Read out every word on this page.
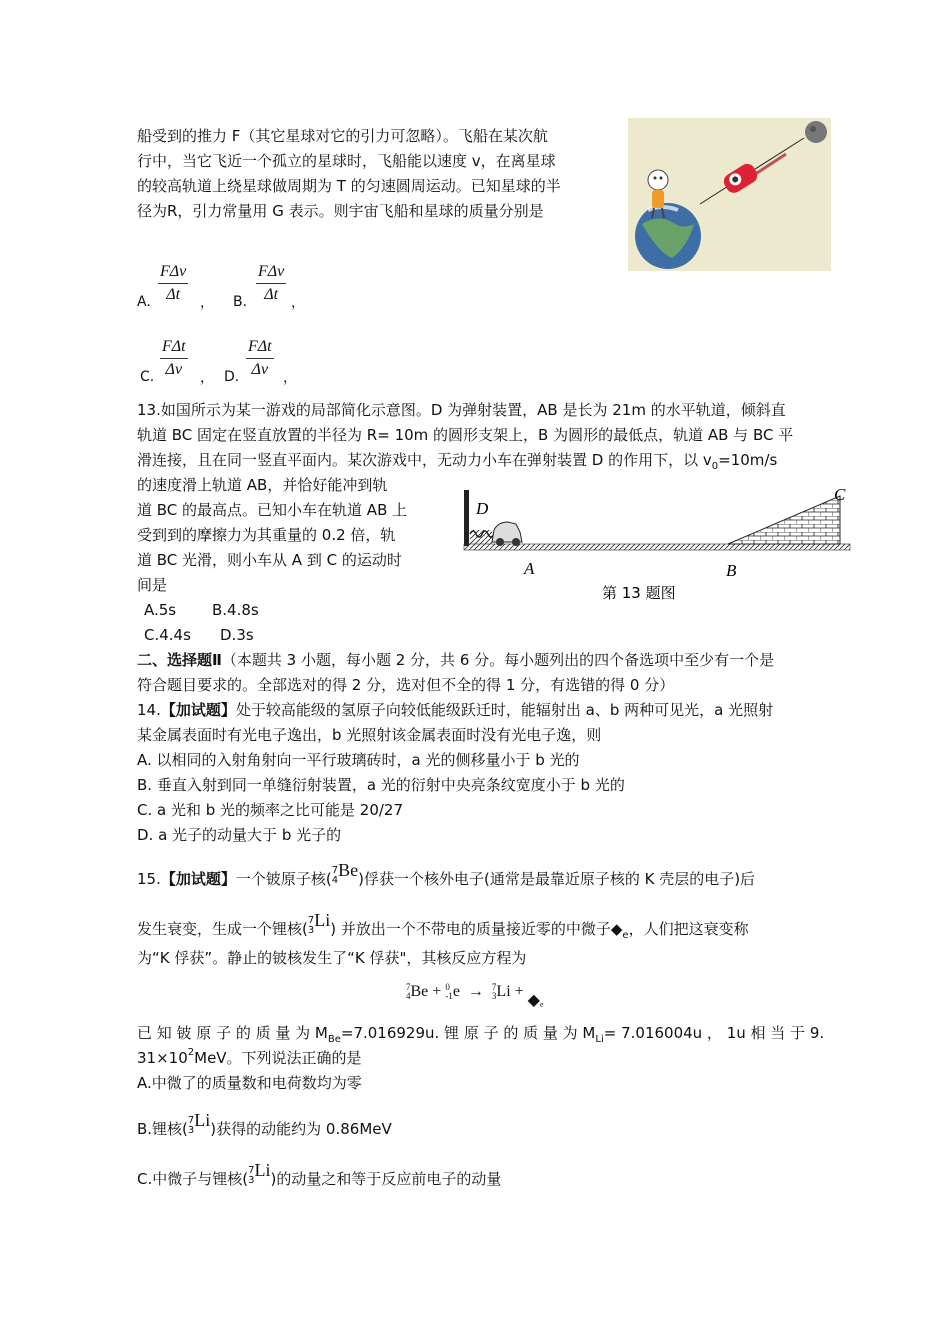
船受到的推力 F（其它星球对它的引力可忽略）。飞船在某次航
行中，当它飞近一个孤立的星球时，飞船能以速度 v，在离星球
的较高轨道上绕星球做周期为 T 的匀速圆周运动。已知星球的半
径为R，引力常量用 G 表示。则宇宙飞船和星球的质量分别是
A.
FΔv
Δt ， B.
FΔv
Δt ，
C.
FΔt
Δv ， D.
FΔt
Δv ，
13.如国所示为某一游戏的局部简化示意图。D 为弹射装置，AB 是长为 21m 的水平轨道，倾斜直
轨道 BC 固定在竖直放置的半径为 R= 10m 的圆形支架上，B 为圆形的最低点，轨道 AB 与 BC 平
滑连接，且在同一竖直平面内。某次游戏中，无动力小车在弹射装置 D 的作用下，以 $v_0=10m/s$
的速度滑上轨道 AB，并恰好能冲到轨
道 BC 的最高点。已知小车在轨道 AB 上
受到到的摩擦力为其重量的 0.2 倍，轨
道 BC 光滑，则小车从 A 到 C 的运动时
间是
A.5s B.4.8s
C.4.4s D.3s
D
A	B
C
第 13 题图
二、选择题Ⅱ（本题共 3 小题，每小题 2 分，共 6 分。每小题列出的四个备选项中至少有一个是
符合题目要求的。全部选对的得 2 分，选对但不全的得 1 分，有选错的得 0 分）
14.【加试题】处于较高能级的氢原子向较低能级跃迁时，能辐射出 a、b 两种可见光，a 光照射
某金属表面时有光电子逸出，b 光照射该金属表面时没有光电子逸，则
A. 以相同的入射角射向一平行玻璃砖时，a 光的侧移量小于 b 光的
B. 垂直入射到同一单缝衍射装置，a 光的衍射中央亮条纹宽度小于 b 光的
C. a 光和 b 光的频率之比可能是 20/27
D. a 光子的动量大于 b 光子的
15.【加试题】一个铍原子核( 7
4 Be)俘获一个核外电子(通常是最靠近原子核的 K 壳层的电子)后
发生衰变，生成一个锂核( 7
3 Li) 并放出一个不带电的质量接近零的中微子$◆_e$，人们把这衰变称
为“K 俘获”。静止的铍核发生了“K 俘获"，其核反应方程为
7
4 Be + 0
-1 e → 7
3 Li +
◆ e
已 知 铍 原 子 的 质 量 为 $M_{Be}=7.016929u$. 锂 原 子 的 质 量 为 $M_{Li}= 7.016004u$ ， 1u 相 当 于 9.
$31\times 10^2MeV$。下列说法正确的是
A.中微了的质量数和电荷数均为零
B.锂核( 7
3 Li)获得的动能约为 0.86MeV
C.中微子与锂核( 7
3 Li)的动量之和等于反应前电子的动量
